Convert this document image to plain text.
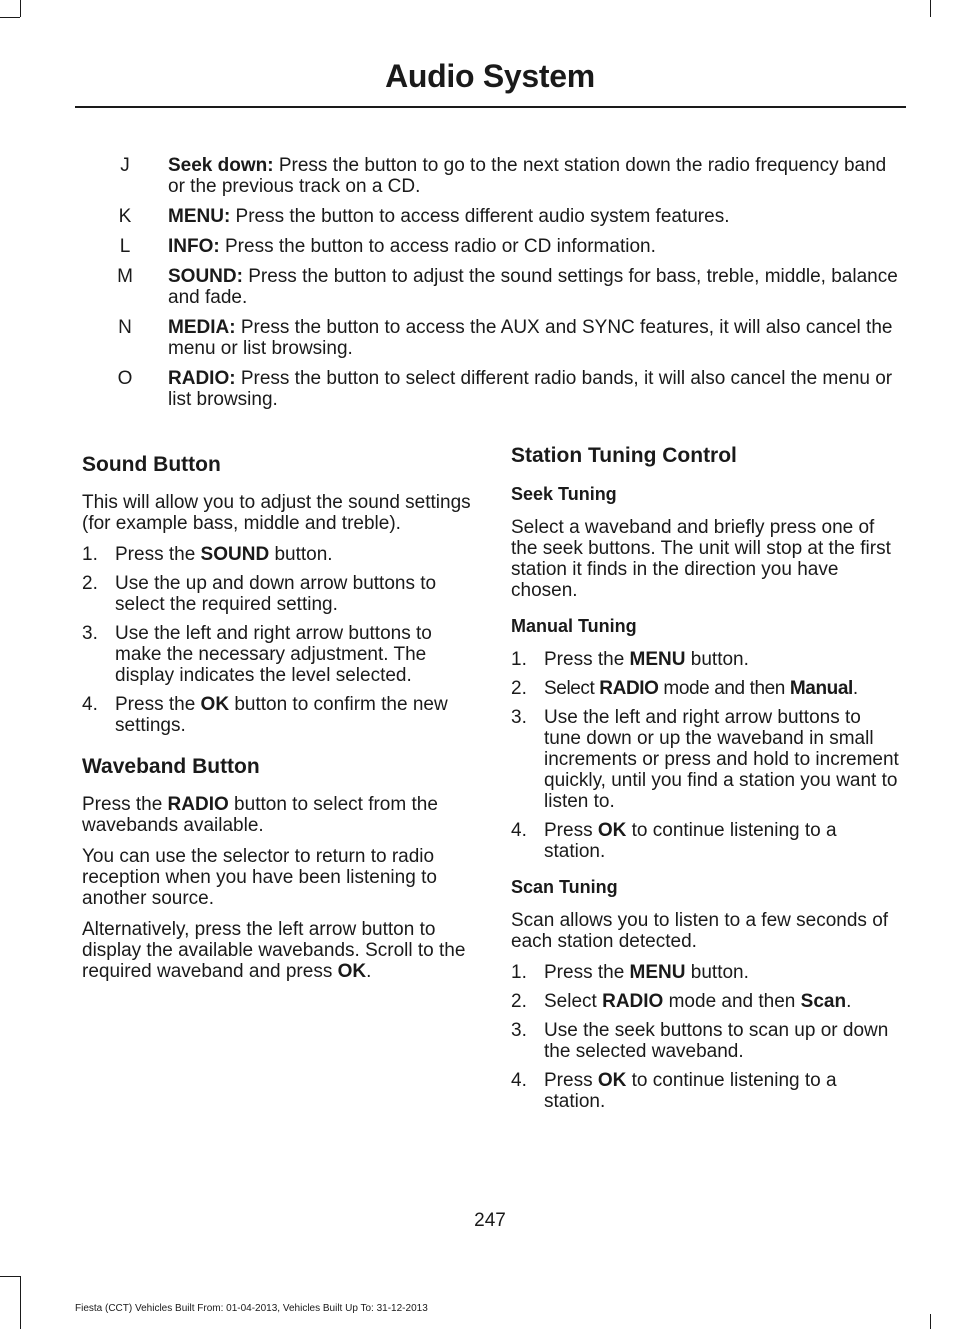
Audio System
J	Seek down: Press the button to go to the next station down the radio frequency band or the previous track on a CD.
K	MENU: Press the button to access different audio system features.
L	INFO: Press the button to access radio or CD information.
M	SOUND: Press the button to adjust the sound settings for bass, treble, middle, balance and fade.
N	MEDIA: Press the button to access the AUX and SYNC features, it will also cancel the menu or list browsing.
O	RADIO: Press the button to select different radio bands, it will also cancel the menu or list browsing.
Sound Button

This will allow you to adjust the sound settings (for example bass, middle and treble).

1. Press the SOUND button.
2. Use the up and down arrow buttons to select the required setting.
3. Use the left and right arrow buttons to make the necessary adjustment. The display indicates the level selected.
4. Press the OK button to confirm the new settings.
Waveband Button

Press the RADIO button to select from the wavebands available.

You can use the selector to return to radio reception when you have been listening to another source.

Alternatively, press the left arrow button to display the available wavebands. Scroll to the required waveband and press OK.

Station Tuning Control
Seek Tuning

Select a waveband and briefly press one of the seek buttons. The unit will stop at the first station it finds in the direction you have chosen.

Manual Tuning
1. Press the MENU button.
2. Select RADIO mode and then Manual.
3. Use the left and right arrow buttons to tune down or up the waveband in small increments or press and hold to increment quickly, until you find a station you want to listen to.
4. Press OK to continue listening to a station.
Scan Tuning

Scan allows you to listen to a few seconds of each station detected.

1. Press the MENU button.
2. Select RADIO mode and then Scan.
3. Use the seek buttons to scan up or down the selected waveband.
4. Press OK to continue listening to a station.
247
Fiesta (CCT) Vehicles Built From: 01-04-2013, Vehicles Built Up To: 31-12-2013
